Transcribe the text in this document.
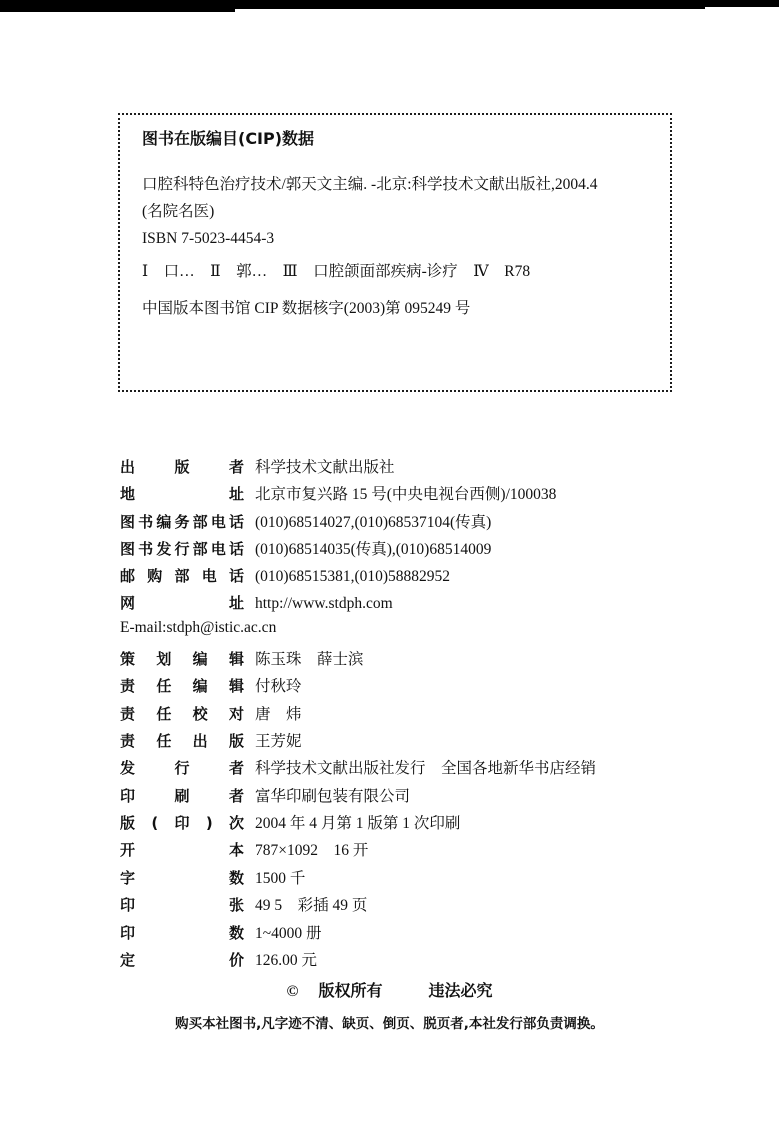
图书在版编目(CIP)数据
口腔科特色治疗技术/郭天文主编. -北京:科学技术文献出版社,2004.4
(名院名医)
ISBN 7-5023-4454-3
Ⅰ　口…　Ⅱ　郭…　Ⅲ　口腔颌面部疾病-诊疗　Ⅳ　R78
中国版本图书馆 CIP 数据核字(2003)第 095249 号
出版者 科学技术文献出版社
地址 北京市复兴路 15 号(中央电视台西侧)/100038
图书编务部电话 (010)68514027,(010)68537104(传真)
图书发行部电话 (010)68514035(传真),(010)68514009
邮购部电话 (010)68515381,(010)58882952
网址 http://www.stdph.com
E-mail:stdph@istic.ac.cn
策划编辑 陈玉珠　薛士滨
责任编辑 付秋玲
责任校对 唐　炜
责任出版 王芳妮
发行者 科学技术文献出版社发行　全国各地新华书店经销
印刷者 富华印刷包装有限公司
版(印)次 2004 年 4 月第 1 版第 1 次印刷
开本 787×1092　16 开
字数 1500 千
印张 49 5　彩插 49 页
印数 1~4000 册
定价 126.00 元
© 版权所有	违法必究
购买本社图书,凡字迹不清、缺页、倒页、脱页者,本社发行部负责调换。
